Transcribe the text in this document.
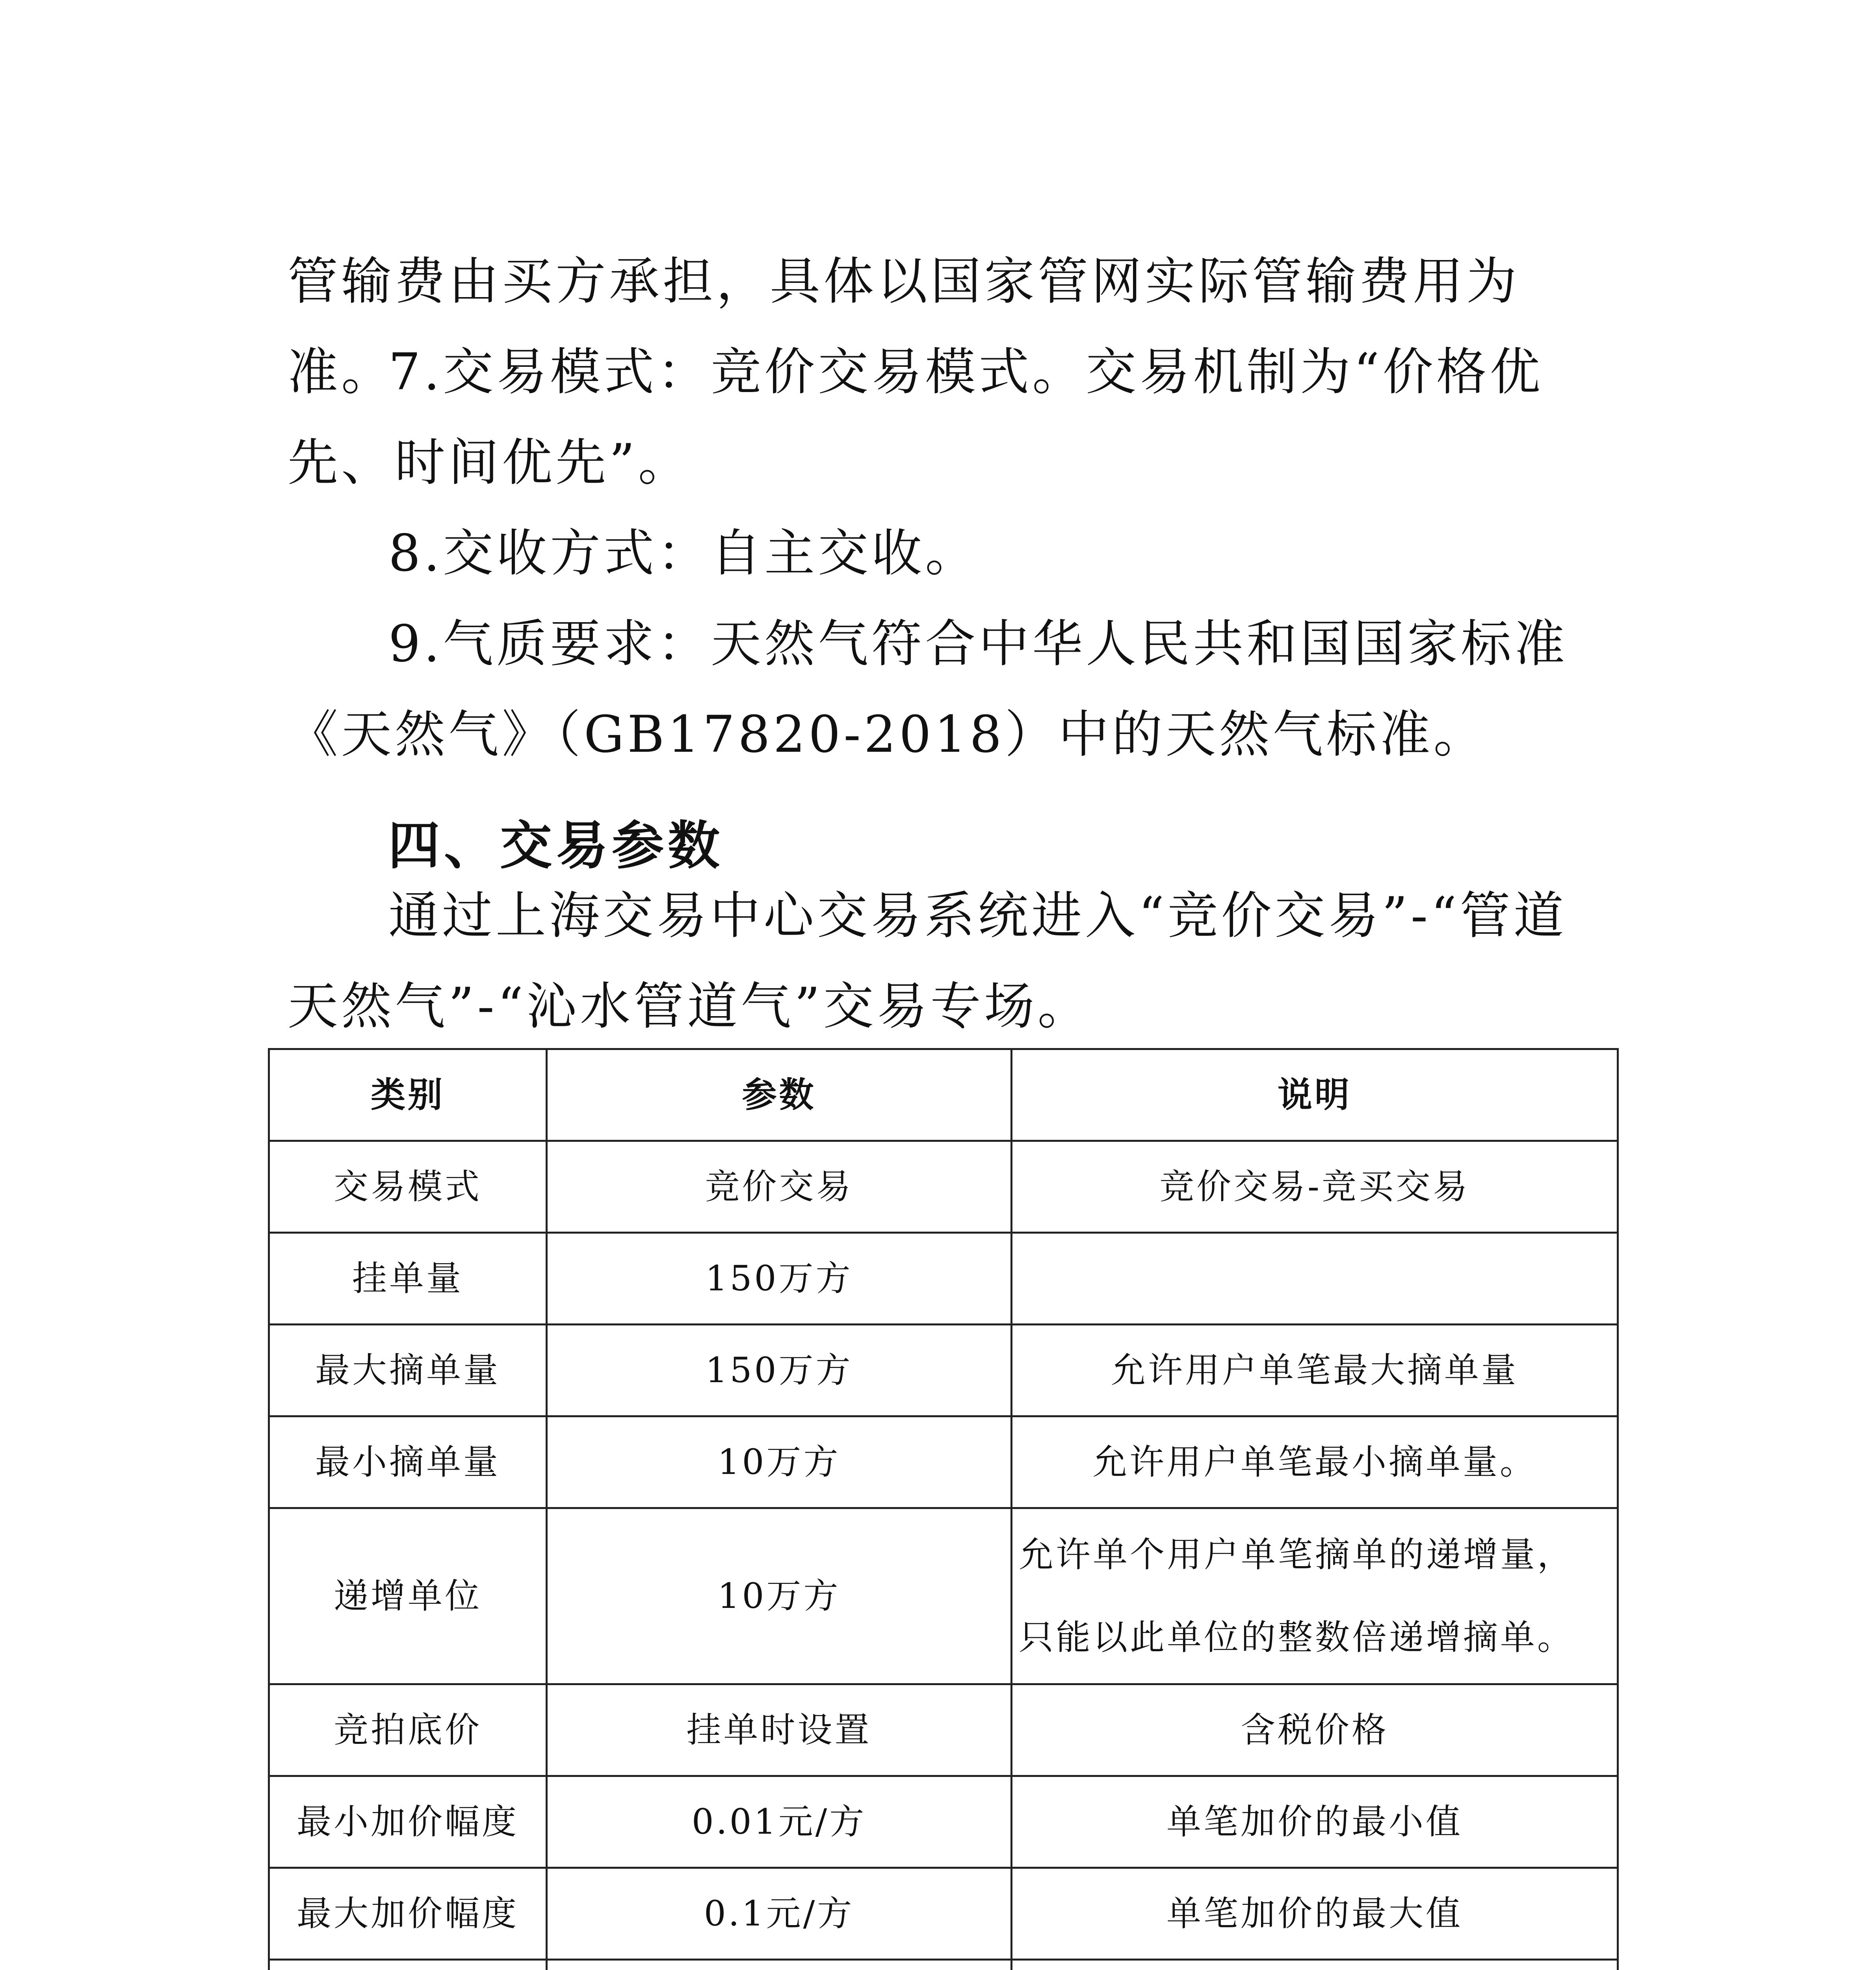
管输费由买方承担，具体以国家管网实际管输费用为准。

7.交易模式：竞价交易模式。交易机制为“价格优先、时间优先”。

8.交收方式：自主交收。

9.气质要求：天然气符合中华人民共和国国家标准《天然气》（GB17820-2018）中的天然气标准。

四、交易参数

通过上海交易中心交易系统进入“竞价交易”-“管道天然气”-“沁水管道气”交易专场。

类别	参数	说明
交易模式	竞价交易	竞价交易-竞买交易
挂单量	150万方	
最大摘单量	150万方	允许用户单笔最大摘单量
最小摘单量	10万方	允许用户单笔最小摘单量。
递增单位	10万方	允许单个用户单笔摘单的递增量，只能以此单位的整数倍递增摘单。
竞拍底价	挂单时设置	含税价格
最小加价幅度	0.01元/方	单笔加价的最小值
最大加价幅度	0.1元/方	单笔加价的最大值
